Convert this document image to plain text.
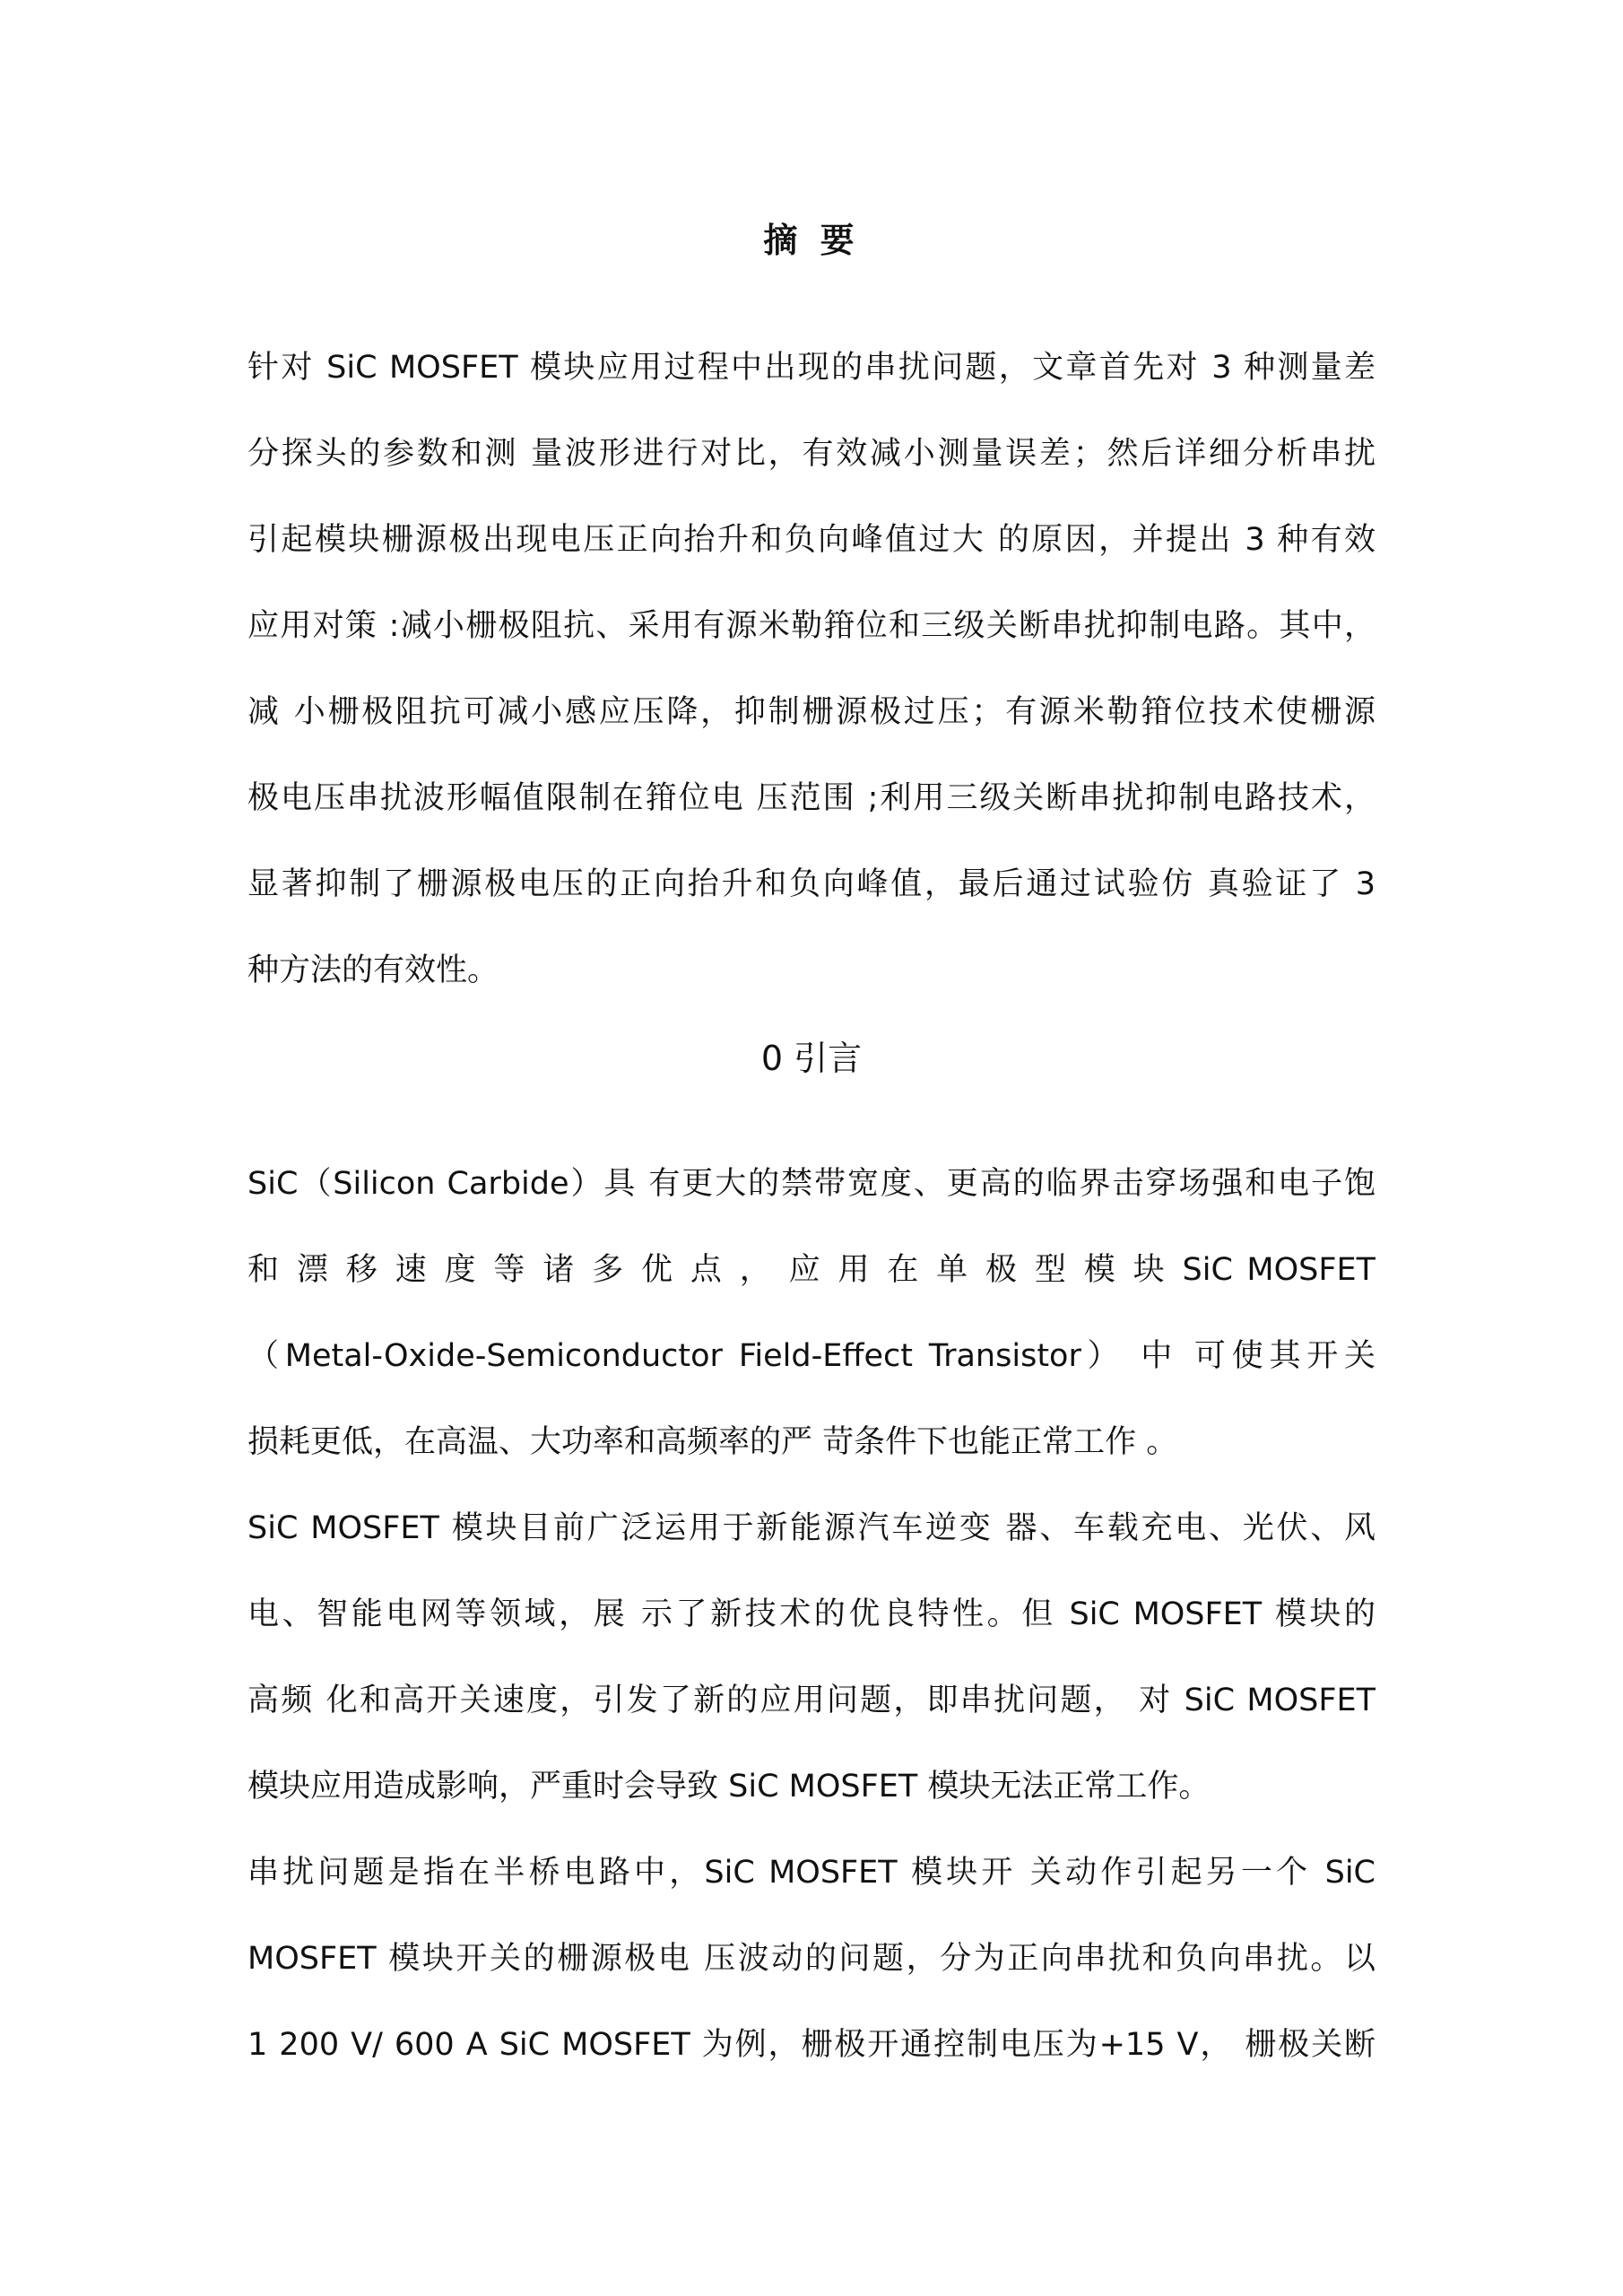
摘 要
针对 SiC MOSFET 模块应用过程中出现的串扰问题，文章首先对 3 种测量差
分探头的参数和测 量波形进行对比，有效减小测量误差；然后详细分析串扰
引起模块栅源极出现电压正向抬升和负向峰值过大 的原因，并提出 3 种有效
应用对策 :减小栅极阻抗、采用有源米勒箝位和三级关断串扰抑制电路。其中，
减 小栅极阻抗可减小感应压降，抑制栅源极过压；有源米勒箝位技术使栅源
极电压串扰波形幅值限制在箝位电 压范围 ;利用三级关断串扰抑制电路技术，
显著抑制了栅源极电压的正向抬升和负向峰值，最后通过试验仿 真验证了 3
种方法的有效性。
0 引言
SiC（Silicon Carbide）具 有更大的禁带宽度、更高的临界击穿场强和电子饱
和 漂 移 速 度 等 诸 多 优 点 ， 应 用 在 单 极 型 模 块 SiC MOSFET
（Metal-Oxide-Semiconductor Field-Effect Transistor） 中 可使其开关
损耗更低，在高温、大功率和高频率的严 苛条件下也能正常工作 。
SiC MOSFET 模块目前广泛运用于新能源汽车逆变 器、车载充电、光伏、风
电、智能电网等领域，展 示了新技术的优良特性。但 SiC MOSFET 模块的
高频 化和高开关速度，引发了新的应用问题，即串扰问题， 对 SiC MOSFET
模块应用造成影响，严重时会导致 SiC MOSFET 模块无法正常工作。
串扰问题是指在半桥电路中，SiC MOSFET 模块开 关动作引起另一个 SiC
MOSFET 模块开关的栅源极电 压波动的问题，分为正向串扰和负向串扰。以
1 200 V/ 600 A SiC MOSFET 为例，栅极开通控制电压为+15 V， 栅极关断
